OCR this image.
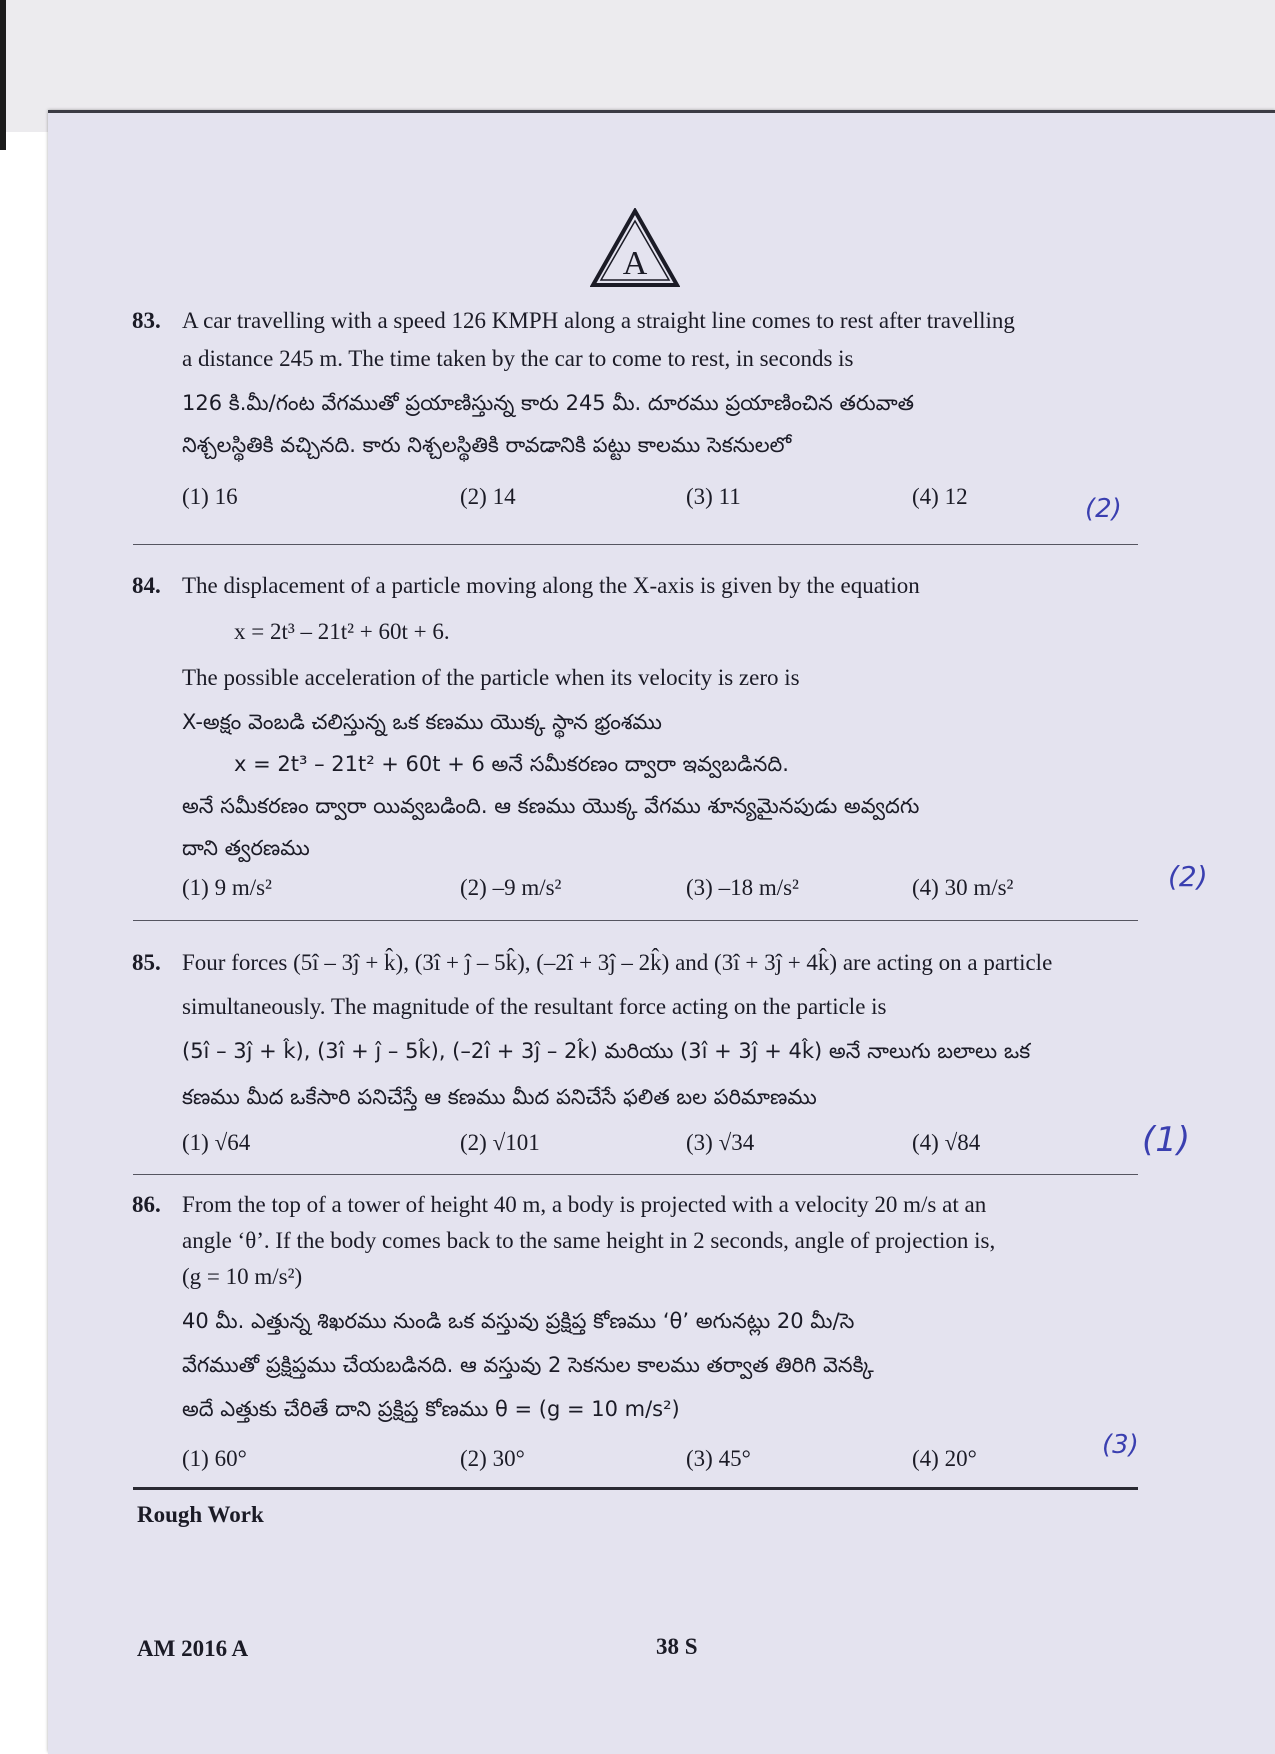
A
83. A car travelling with a speed 126 KMPH along a straight line comes to rest after travelling
a distance 245 m. The time taken by the car to come to rest, in seconds is
126 కి.మీ/గంట వేగముతో ప్రయాణిస్తున్న కారు 245 మీ. దూరము ప్రయాణించిన తరువాత
నిశ్చలస్థితికి వచ్చినది. కారు నిశ్చలస్థితికి రావడానికి పట్టు కాలము సెకనులలో
(1) 16	(2) 14	(3) 11	(4) 12	(2)
84. The displacement of a particle moving along the X-axis is given by the equation
x = 2t³ – 21t² + 60t + 6.
The possible acceleration of the particle when its velocity is zero is
X-అక్షం వెంబడి చలిస్తున్న ఒక కణము యొక్క స్థాన భ్రంశము
x = 2t³ – 21t² + 60t + 6 అనే సమీకరణం ద్వారా ఇవ్వబడినది.
అనే సమీకరణం ద్వారా యివ్వబడింది. ఆ కణము యొక్క వేగము శూన్యమైనపుడు అవ్వదగు
దాని త్వరణము
(1) 9 m/s²	(2) –9 m/s²	(3) –18 m/s²	(4) 30 m/s²	(2)
85. Four forces (5î – 3ĵ + k̂), (3î + ĵ – 5k̂), (–2î + 3ĵ – 2k̂) and (3î + 3ĵ + 4k̂) are acting on a particle
simultaneously. The magnitude of the resultant force acting on the particle is
(5î – 3ĵ + k̂), (3î + ĵ – 5k̂), (–2î + 3ĵ – 2k̂) మరియు (3î + 3ĵ + 4k̂) అనే నాలుగు బలాలు ఒక
కణము మీద ఒకేసారి పనిచేస్తే ఆ కణము మీద పనిచేసే ఫలిత బల పరిమాణము
(1) √64	(2) √101	(3) √34	(4) √84	(1)
86. From the top of a tower of height 40 m, a body is projected with a velocity 20 m/s at an
angle ‘θ’. If the body comes back to the same height in 2 seconds, angle of projection is,
(g = 10 m/s²)
40 మీ. ఎత్తున్న శిఖరము నుండి ఒక వస్తువు ప్రక్షిప్త కోణము ‘θ’ అగునట్లు 20 మీ/సె
వేగముతో ప్రక్షిప్తము చేయబడినది. ఆ వస్తువు 2 సెకనుల కాలము తర్వాత తిరిగి వెనక్కి
అదే ఎత్తుకు చేరితే దాని ప్రక్షిప్త కోణము θ = (g = 10 m/s²)
(1) 60°	(2) 30°	(3) 45°	(4) 20°	(3)
Rough Work
AM 2016 A	38 S
